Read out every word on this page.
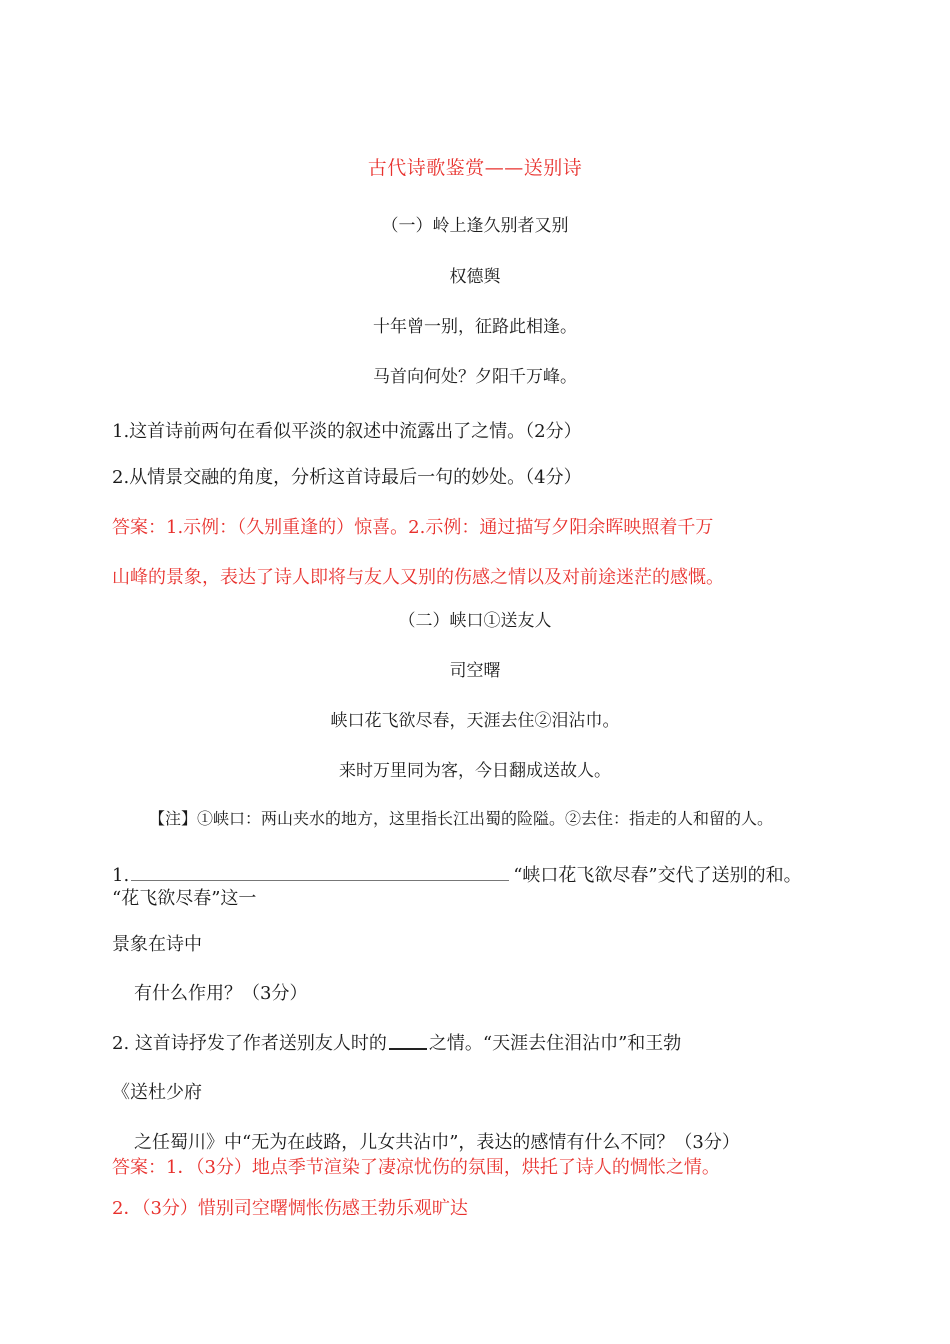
古代诗歌鉴赏——送别诗
（一）岭上逢久别者又别
权德舆
十年曾一别，征路此相逢。
马首向何处？夕阳千万峰。
1.这首诗前两句在看似平淡的叙述中流露出了之情。（2分）
2.从情景交融的角度，分析这首诗最后一句的妙处。（4分）
答案：1.示例：（久别重逢的）惊喜。2.示例：通过描写夕阳余晖映照着千万
山峰的景象，表达了诗人即将与友人又别的伤感之情以及对前途迷茫的感慨。
（二）峡口①送友人
司空曙
峡口花飞欲尽春，天涯去住②泪沾巾。
来时万里同为客，今日翻成送故人。
【注】①峡口：两山夹水的地方，这里指长江出蜀的险隘。②去住：指走的人和留的人。
1.	“峡口花飞欲尽春”交代了送别的和。
“花飞欲尽春”这一
景象在诗中
有什么作用？（3分）
2. 这首诗抒发了作者送别友人时的 之情。“天涯去住泪沾巾”和王勃
《送杜少府
之任蜀川》中“无为在歧路，儿女共沾巾”，表达的感情有什么不同？（3分）
答案：1．（3分）地点季节渲染了凄凉忧伤的氛围，烘托了诗人的惆怅之情。
2．（3分）惜别司空曙惆怅伤感王勃乐观旷达
